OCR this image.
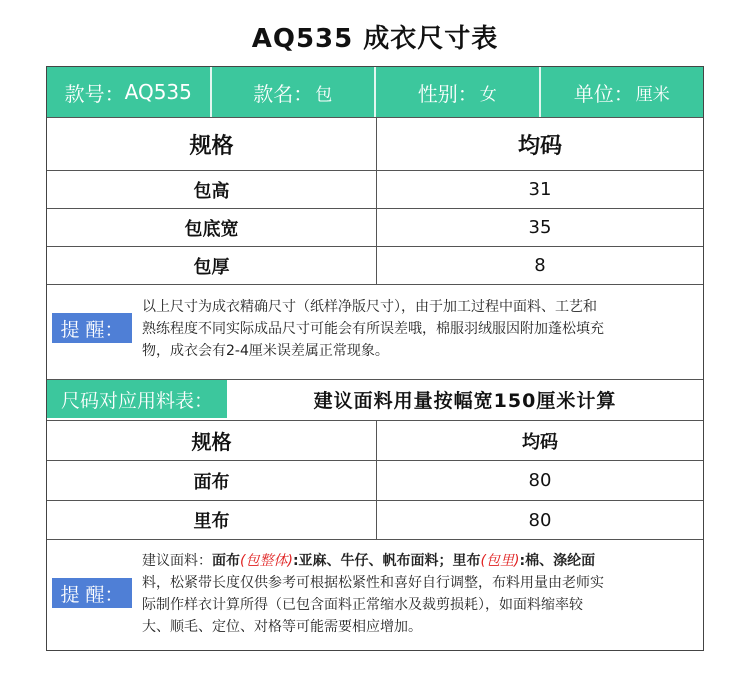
AQ535 成衣尺寸表
款号： AQ535	款名： 包	性别： 女	单位： 厘米
规格	均码
包高	31
包底宽	35
包厚	8
提 醒：
以上尺寸为成衣精确尺寸（纸样净版尺寸），由于加工过程中面料、工艺和
熟练程度不同实际成品尺寸可能会有所误差哦，棉服羽绒服因附加蓬松填充
物，成衣会有2-4厘米误差属正常现象。
尺码对应用料表：	建议面料用量按幅宽150厘米计算
规格	均码
面布	80
里布	80
提 醒：
建议面料：面布(包整体):亚麻、牛仔、帆布面料；里布(包里):棉、涤纶面
料，松紧带长度仅供参考可根据松紧性和喜好自行调整，布料用量由老师实
际制作样衣计算所得（已包含面料正常缩水及裁剪损耗），如面料缩率较
大、顺毛、定位、对格等可能需要相应增加。
